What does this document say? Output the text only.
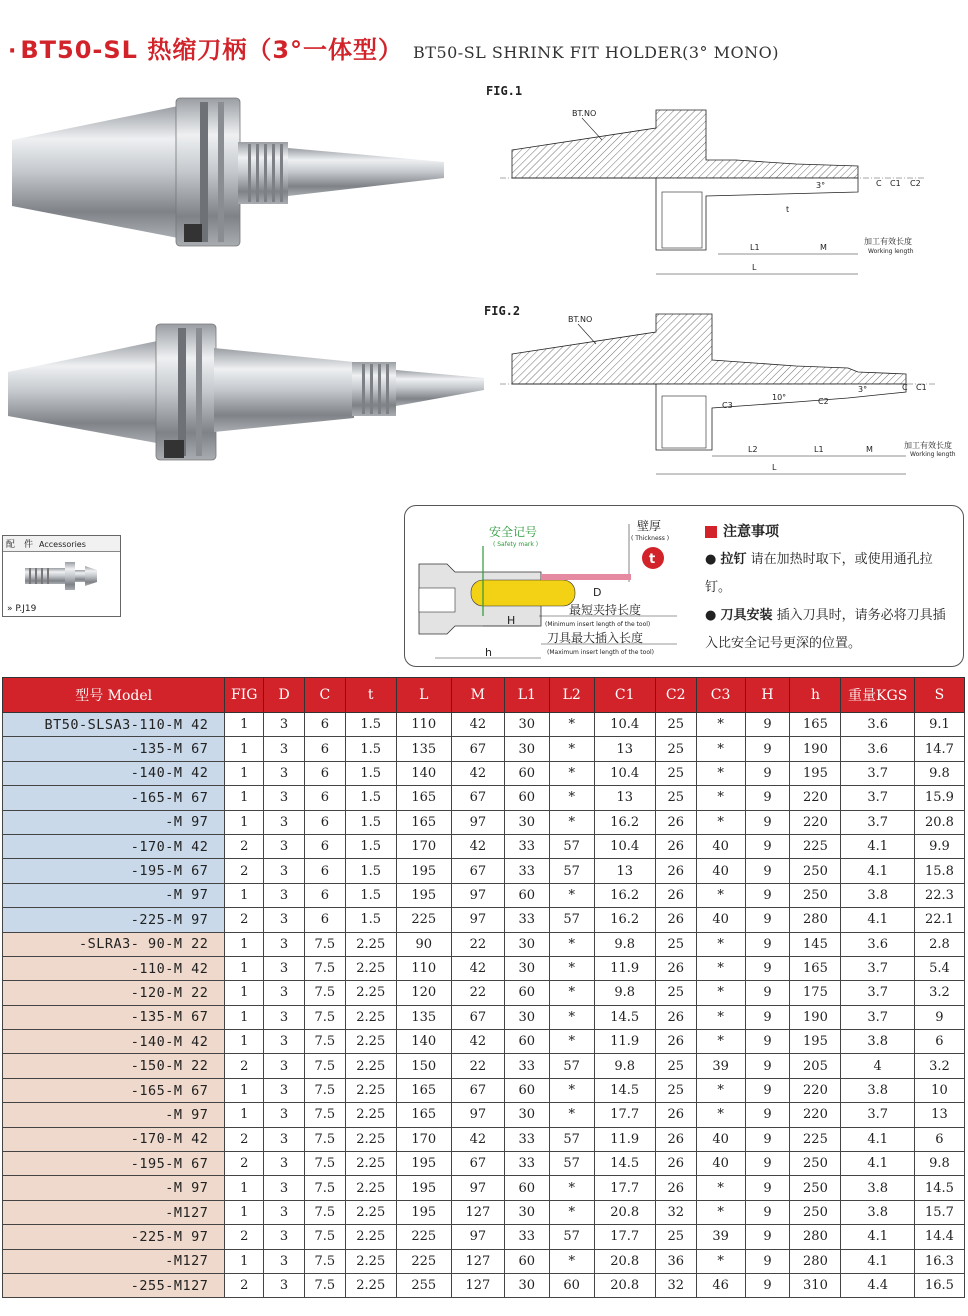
· BT50-SL 热缩刀柄（3°一体型） BT50-SL SHRINK FIT HOLDER(3° MONO)
FIG.1
BT.NO
L1	M
L
C C1 C2
3°
t
加工有效长度
Working length
FIG.2
BT.NO
L2	L1	M
L
C C1
C2
C3
10°
3°
加工有效长度
Working length
配　件 Accessories
» P.J19
安全记号
( Safety mark )
壁厚
( Thickness )
t
D
H
h
最短夹持长度
(Minimum insert length of the tool)
刀具最大插入长度
(Maximum insert length of the tool)
注意事项
● 拉钉 请在加热时取下，或使用通孔拉钉。
● 刀具安装 插入刀具时，请务必将刀具插入比安全记号更深的位置。
型号 Model	FIG	D	C	t	L	M	L1	L2	C1	C2	C3	H	h	重量KGS	S
BT50-SLSA3-110-M 42	1	3	6	1.5	110	42	30	*	10.4	25	*	9	165	3.6	9.1
-135-M 67	1	3	6	1.5	135	67	30	*	13	25	*	9	190	3.6	14.7
-140-M 42	1	3	6	1.5	140	42	60	*	10.4	25	*	9	195	3.7	9.8
-165-M 67	1	3	6	1.5	165	67	60	*	13	25	*	9	220	3.7	15.9
-M 97	1	3	6	1.5	165	97	30	*	16.2	26	*	9	220	3.7	20.8
-170-M 42	2	3	6	1.5	170	42	33	57	10.4	26	40	9	225	4.1	9.9
-195-M 67	2	3	6	1.5	195	67	33	57	13	26	40	9	250	4.1	15.8
-M 97	1	3	6	1.5	195	97	60	*	16.2	26	*	9	250	3.8	22.3
-225-M 97	2	3	6	1.5	225	97	33	57	16.2	26	40	9	280	4.1	22.1
-SLRA3- 90-M 22	1	3	7.5	2.25	90	22	30	*	9.8	25	*	9	145	3.6	2.8
-110-M 42	1	3	7.5	2.25	110	42	30	*	11.9	26	*	9	165	3.7	5.4
-120-M 22	1	3	7.5	2.25	120	22	60	*	9.8	25	*	9	175	3.7	3.2
-135-M 67	1	3	7.5	2.25	135	67	30	*	14.5	26	*	9	190	3.7	9
-140-M 42	1	3	7.5	2.25	140	42	60	*	11.9	26	*	9	195	3.8	6
-150-M 22	2	3	7.5	2.25	150	22	33	57	9.8	25	39	9	205	4	3.2
-165-M 67	1	3	7.5	2.25	165	67	60	*	14.5	25	*	9	220	3.8	10
-M 97	1	3	7.5	2.25	165	97	30	*	17.7	26	*	9	220	3.7	13
-170-M 42	2	3	7.5	2.25	170	42	33	57	11.9	26	40	9	225	4.1	6
-195-M 67	2	3	7.5	2.25	195	67	33	57	14.5	26	40	9	250	4.1	9.8
-M 97	1	3	7.5	2.25	195	97	60	*	17.7	26	*	9	250	3.8	14.5
-M127	1	3	7.5	2.25	195	127	30	*	20.8	32	*	9	250	3.8	15.7
-225-M 97	2	3	7.5	2.25	225	97	33	57	17.7	25	39	9	280	4.1	14.4
-M127	1	3	7.5	2.25	225	127	60	*	20.8	36	*	9	280	4.1	16.3
-255-M127	2	3	7.5	2.25	255	127	30	60	20.8	32	46	9	310	4.4	16.5
